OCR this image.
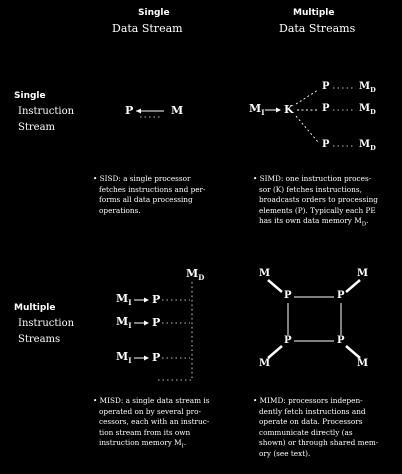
Single
Data Stream
Multiple
Data Streams
Single
Instruction
Stream
Multiple
Instruction
Streams
P	M	$M_I$ K
P
P
P
$M_D$
$M_D$
$M_D$
$M_D$
$M_I$
$M_I$
$M_I$
P
P
P
M	M
M	M
P	P
P	P
• SISD: a single processor
fetches instructions and per-
forms all data processing
operations.
• SIMD: one instruction proces-
sor (K) fetches instructions,
broadcasts orders to processing
elements (P). Typically each PE
has its own data memory $M_D$.
• MISD: a single data stream is
operated on by several pro-
cessors, each with an instruc-
tion stream from its own
instruction memory $M_I$.
• MIMD: processors indepen-
dently fetch instructions and
operate on data. Processors
communicate directly (as
shown) or through shared mem-
ory (see text).
